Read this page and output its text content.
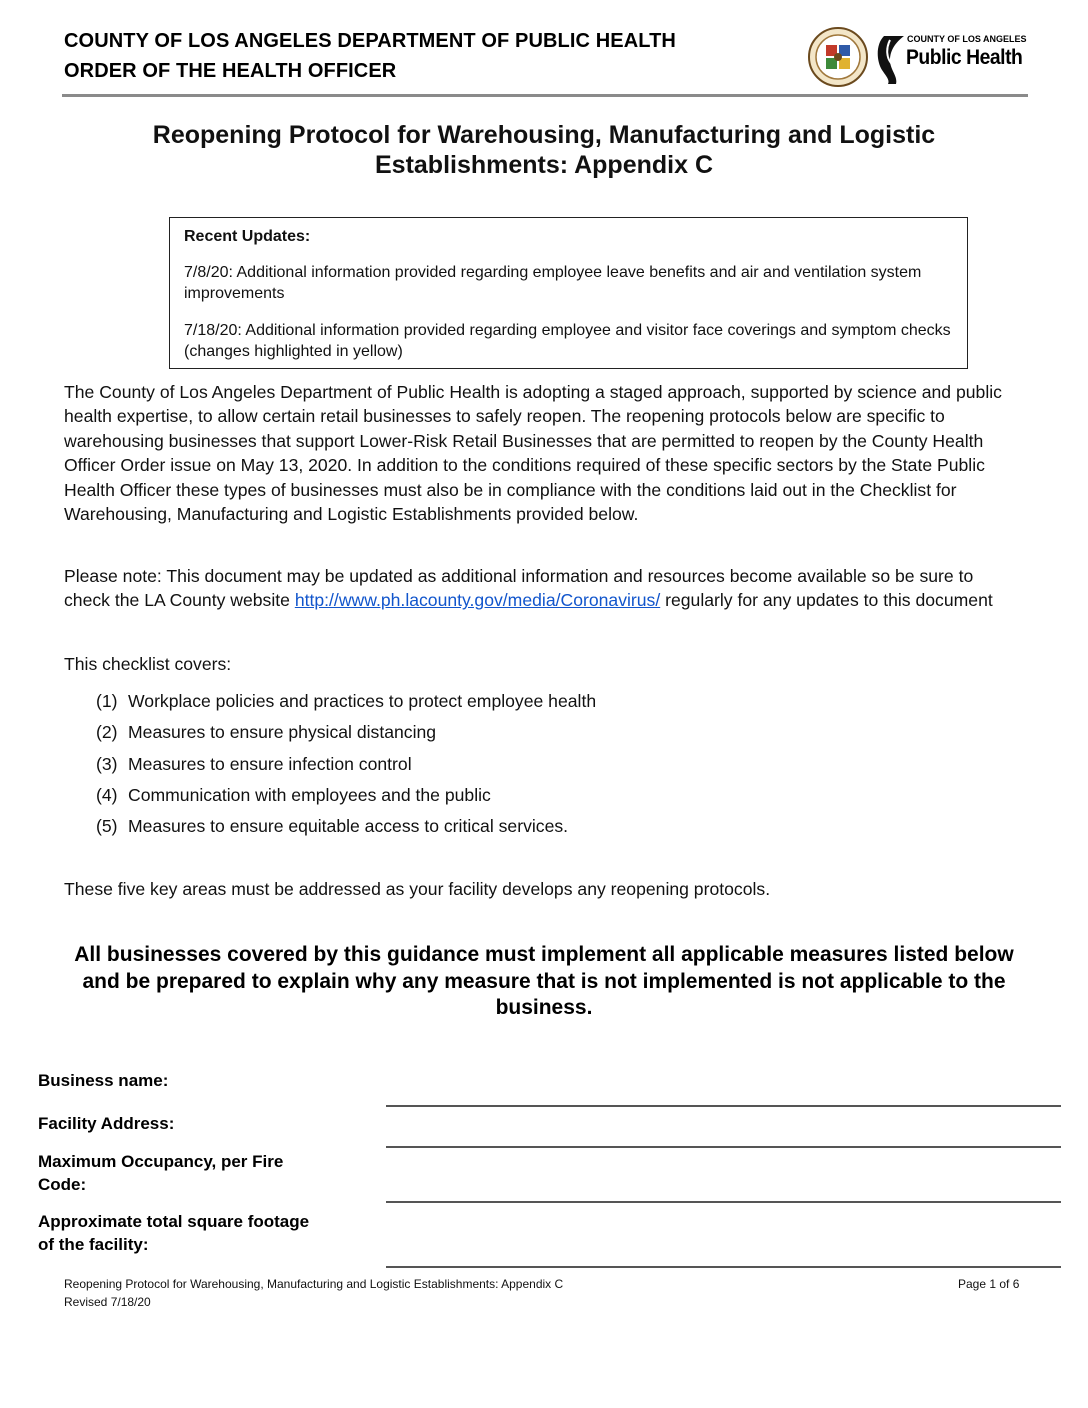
COUNTY OF LOS ANGELES DEPARTMENT OF PUBLIC HEALTH
ORDER OF THE HEALTH OFFICER
COUNTY OF LOS ANGELES
Public Health
Reopening Protocol for Warehousing, Manufacturing and Logistic
Establishments: Appendix C
Recent Updates:
7/8/20: Additional information provided regarding employee leave benefits and air and ventilation system improvements
7/18/20: Additional information provided regarding employee and visitor face coverings and symptom checks (changes highlighted in yellow)
The County of Los Angeles Department of Public Health is adopting a staged approach, supported by science and public health expertise, to allow certain retail businesses to safely reopen. The reopening protocols below are specific to warehousing businesses that support Lower-Risk Retail Businesses that are permitted to reopen by the County Health Officer Order issue on May 13, 2020. In addition to the conditions required of these specific sectors by the State Public Health Officer these types of businesses must also be in compliance with the conditions laid out in the Checklist for Warehousing, Manufacturing and Logistic Establishments provided below.
Please note: This document may be updated as additional information and resources become available so be sure to check the LA County website http://www.ph.lacounty.gov/media/Coronavirus/ regularly for any updates to this document
This checklist covers:
(1) Workplace policies and practices to protect employee health
(2) Measures to ensure physical distancing
(3) Measures to ensure infection control
(4) Communication with employees and the public
(5) Measures to ensure equitable access to critical services.
These five key areas must be addressed as your facility develops any reopening protocols.
All businesses covered by this guidance must implement all applicable measures listed below and be prepared to explain why any measure that is not implemented is not applicable to the business.
Business name:
Facility Address:
Maximum Occupancy, per Fire
Code:
Approximate total square footage
of the facility:
Reopening Protocol for Warehousing, Manufacturing and Logistic Establishments: Appendix C
Revised 7/18/20
Page 1 of 6
